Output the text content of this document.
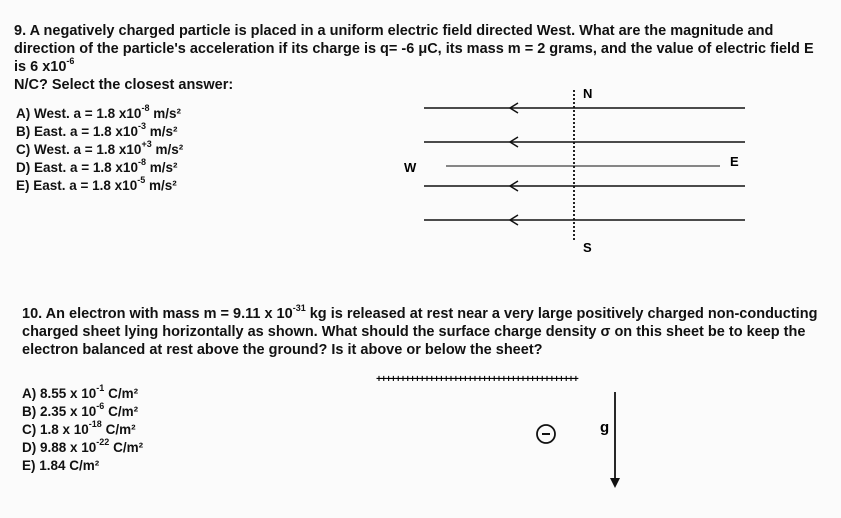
9. A negatively charged particle is placed in a uniform electric field directed West. What are the magnitude and direction of the particle's acceleration if its charge is q= -6 μC, its mass m = 2 grams, and the value of electric field E is 6 $x10^{-6}$
N/C? Select the closest answer:
A) West. a = 1.8 $x10^{-8}$ m/s²
B) East. a = 1.8 $x10^{-3}$ m/s²
C) West. a = 1.8 $x10^{+3}$ m/s²
D) East. a = 1.8 $x10^{-8}$ m/s²
E) East. a = 1.8 $x10^{-5}$ m/s²
N
S
W	E
10. An electron with mass m = 9.11 x $10^{-31}$ kg is released at rest near a very large positively charged non-conducting charged sheet lying horizontally as shown. What should the surface charge density σ on this sheet be to keep the electron balanced at rest above the ground? Is it above or below the sheet?
A) 8.55 x $10^{-1}$ C/m²
B) 2.35 x $10^{-6}$ C/m²
C) 1.8 x $10^{-18}$ C/m²
D) 9.88 x $10^{-22}$ C/m²
E) 1.84 C/m²
++++++++++++++++++++++++++++++++++++++++++
g
